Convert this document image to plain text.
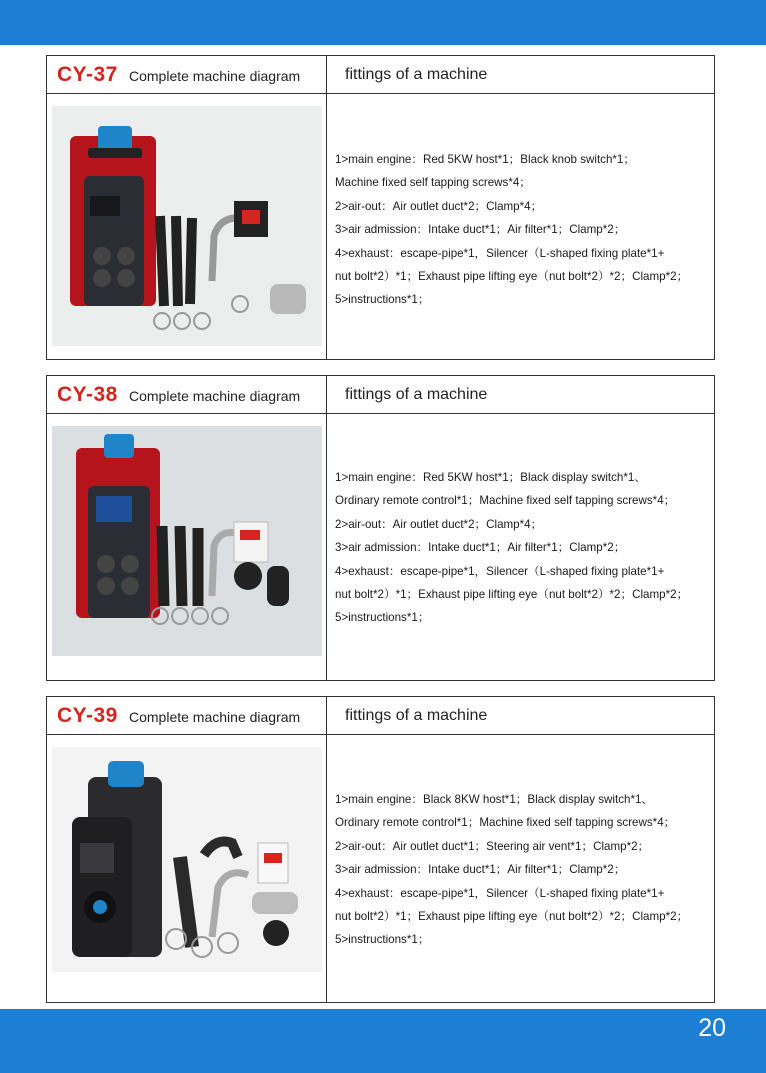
CY-37 Complete machine diagram	fittings of a machine
1>main engine：Red 5KW host*1；Black knob switch*1；
Machine fixed self tapping screws*4；
2>air-out：Air outlet duct*2；Clamp*4；
3>air admission：Intake duct*1；Air filter*1；Clamp*2；
4>exhaust：escape-pipe*1，Silencer（L-shaped fixing plate*1+
nut bolt*2）*1；Exhaust pipe lifting eye（nut bolt*2）*2；Clamp*2；
5>instructions*1；
CY-38 Complete machine diagram	fittings of a machine
1>main engine：Red 5KW host*1；Black display switch*1、
Ordinary remote control*1；Machine fixed self tapping screws*4；
2>air-out：Air outlet duct*2；Clamp*4；
3>air admission：Intake duct*1；Air filter*1；Clamp*2；
4>exhaust：escape-pipe*1，Silencer（L-shaped fixing plate*1+
nut bolt*2）*1；Exhaust pipe lifting eye（nut bolt*2）*2；Clamp*2；
5>instructions*1；
CY-39 Complete machine diagram	fittings of a machine
1>main engine：Black 8KW host*1；Black display switch*1、
Ordinary remote control*1；Machine fixed self tapping screws*4；
2>air-out：Air outlet duct*1；Steering air vent*1；Clamp*2；
3>air admission：Intake duct*1；Air filter*1；Clamp*2；
4>exhaust：escape-pipe*1，Silencer（L-shaped fixing plate*1+
nut bolt*2）*1；Exhaust pipe lifting eye（nut bolt*2）*2；Clamp*2；
5>instructions*1；
20
